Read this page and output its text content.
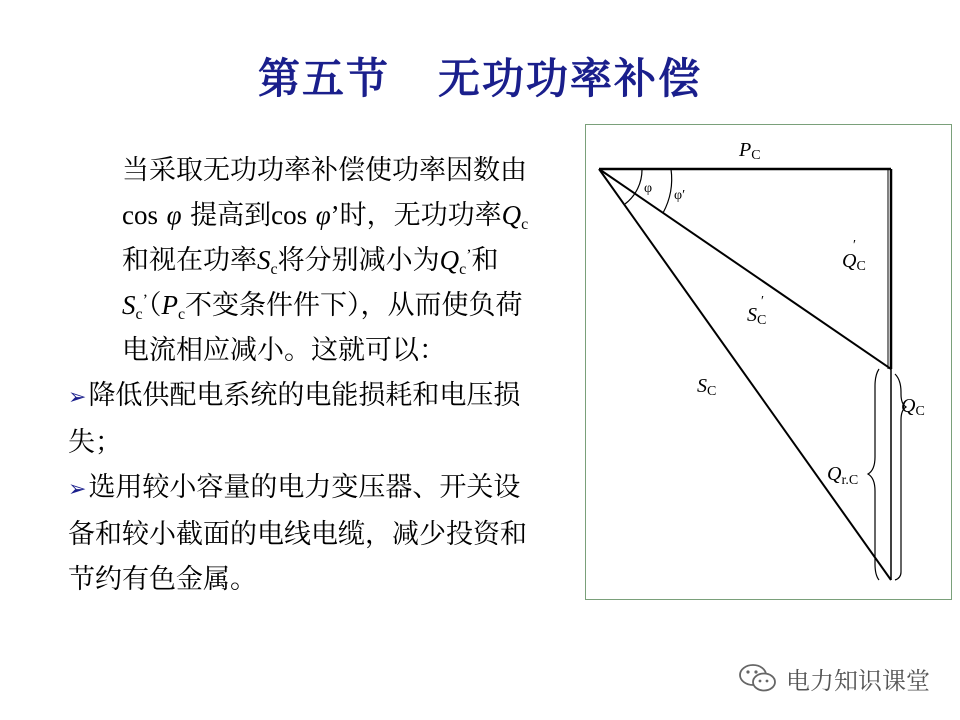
第五节 无功功率补偿

当采取无功功率补偿使功率因数由cos φ 提高到cos φ’时，无功功率$Q_c$和视在功率$S_c$将分别减小为$Q_c^’$和$S_c^’(P_c$不变条件件下），从而使负荷电流相应减小。这就可以：

➢降低供配电系统的电能损耗和电压损失；

➢选用较小容量的电力变压器、开关设备和较小截面的电线电缆，减少投资和节约有色金属。

PC
QC
′
SC
′
SC
QC
Qr.C
φ φ′
电力知识课堂
